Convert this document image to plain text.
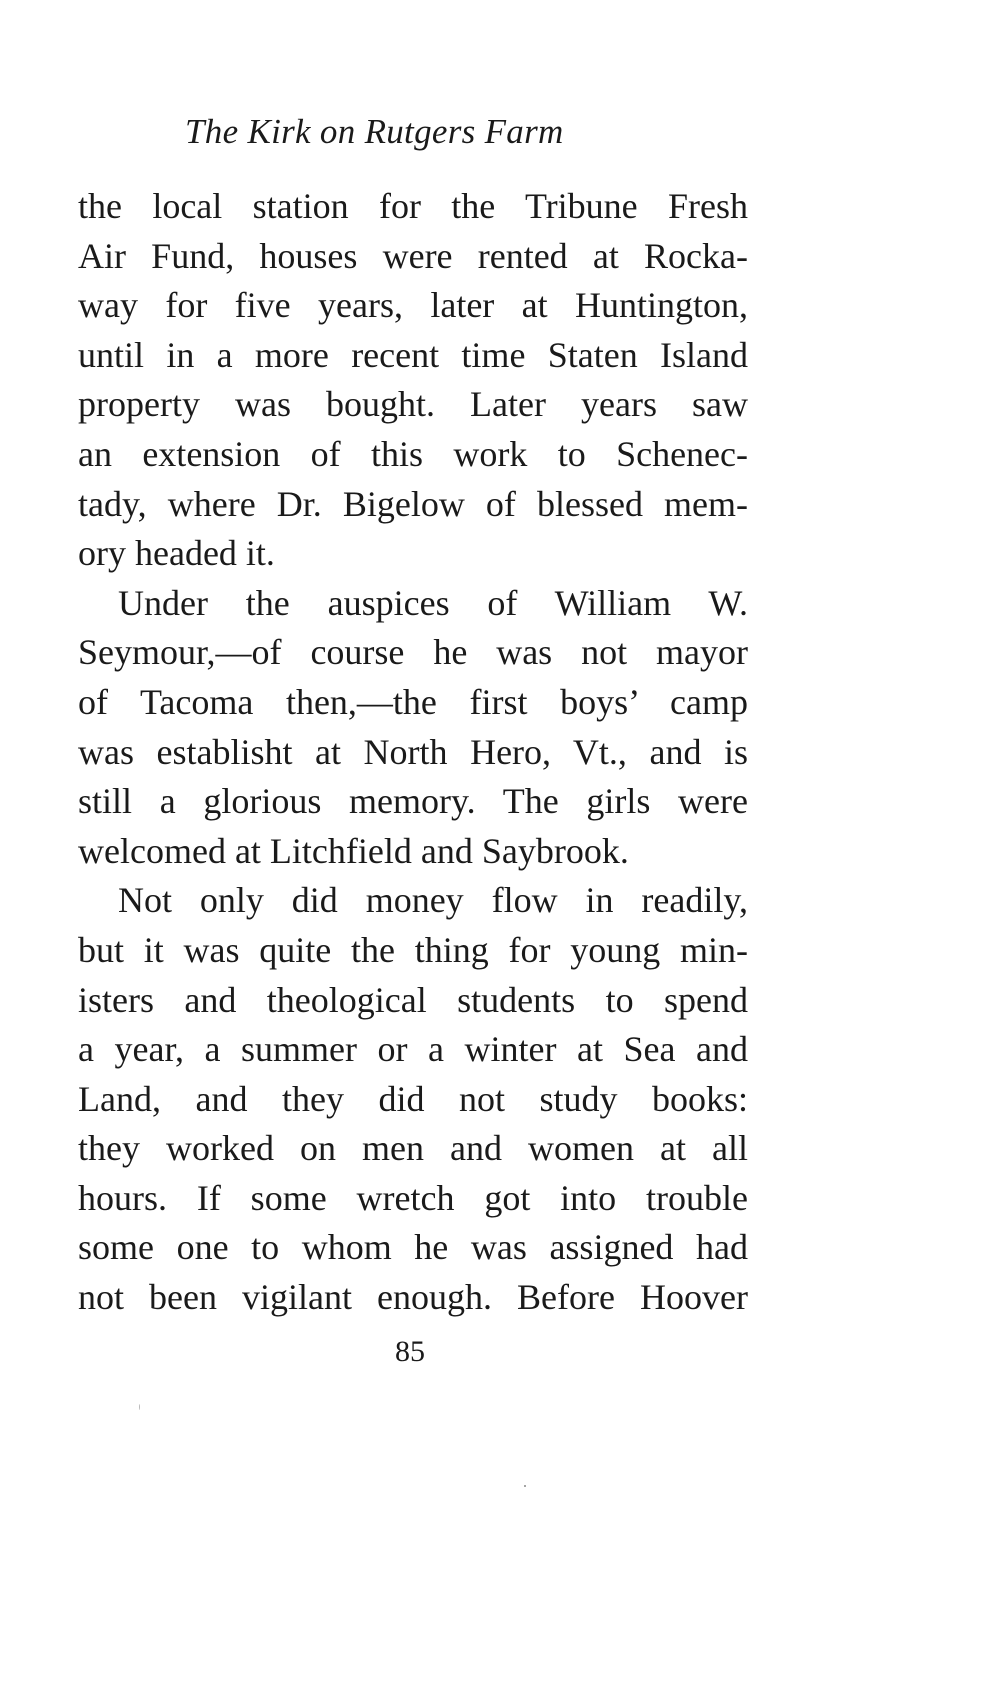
The Kirk on Rutgers Farm
the local station for the Tribune Fresh
Air Fund, houses were rented at Rocka-
way for five years, later at Huntington,
until in a more recent time Staten Island
property was bought. Later years saw
an extension of this work to Schenec-
tady, where Dr. Bigelow of blessed mem-
ory headed it.
Under the auspices of William W.
Seymour,—of course he was not mayor
of Tacoma then,—the first boys’ camp
was establisht at North Hero, Vt., and is
still a glorious memory. The girls were
welcomed at Litchfield and Saybrook.
Not only did money flow in readily,
but it was quite the thing for young min-
isters and theological students to spend
a year, a summer or a winter at Sea and
Land, and they did not study books:
they worked on men and women at all
hours. If some wretch got into trouble
some one to whom he was assigned had
not been vigilant enough. Before Hoover
85
